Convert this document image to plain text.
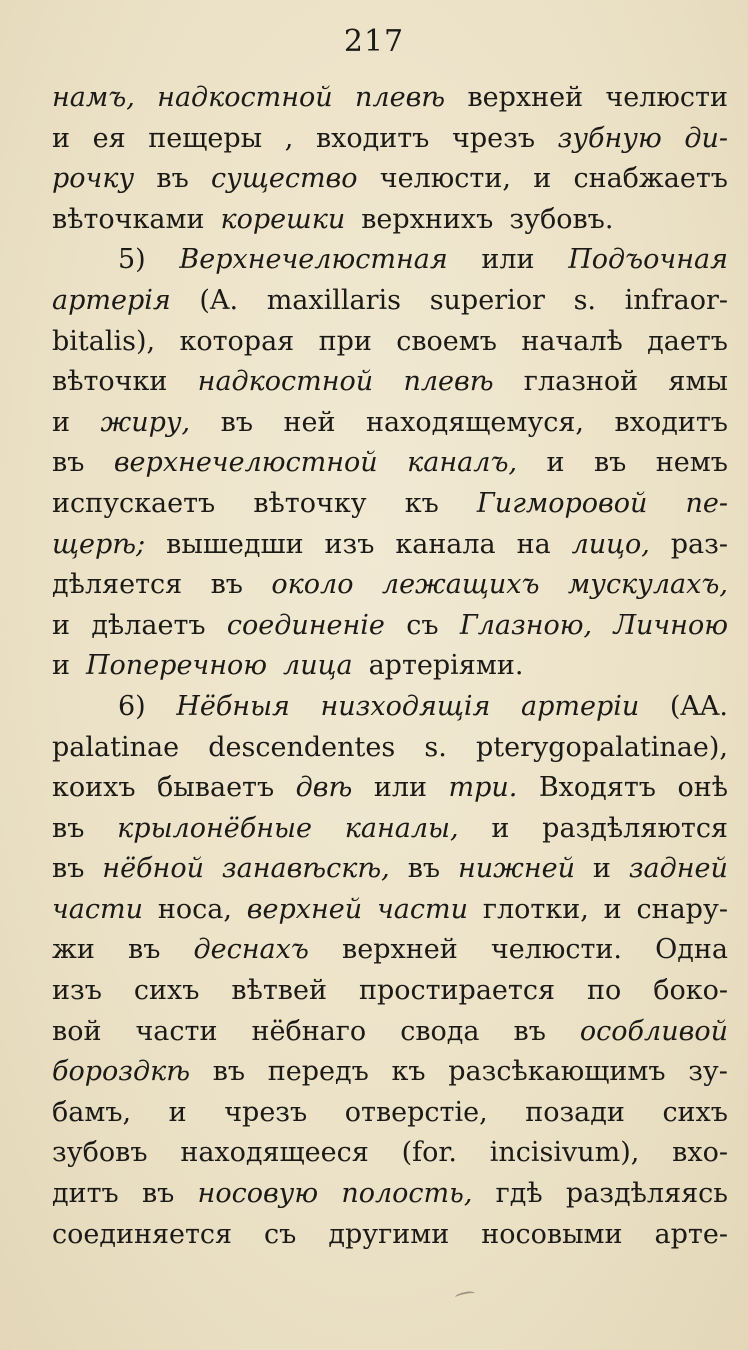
217
намъ, надкостной плевѣ верхней челюсти
и ея пещеры , входитъ чрезъ зубную ди-
рочку въ существо челюсти, и снабжаетъ
вѣточками корешки верхнихъ зубовъ.
5) Верхнечелюстная или Подъочная
артерія (A. maxillaris superior s. infraor-
bitalis), которая при своемъ началѣ даетъ
вѣточки надкостной плевѣ глазной ямы
и жиру, въ ней находящемуся, входитъ
въ верхнечелюстной каналъ, и въ немъ
испускаетъ вѣточку къ Гигморовой пе-
щерѣ; вышедши изъ канала на лицо, раз-
дѣляется въ около лежащихъ мускулахъ,
и дѣлаетъ соединеніе съ Глазною, Личною
и Поперечною лица артеріями.
6) Нёбныя низходящія артеріи (AA.
palatinae descendentes s. pterygopalatinae),
коихъ бываетъ двѣ или три. Входятъ онѣ
въ крылонёбные каналы, и раздѣляются
въ нёбной занавѣскѣ, въ нижней и задней
части носа, верхней части глотки, и снару-
жи въ деснахъ верхней челюсти. Одна
изъ сихъ вѣтвей простирается по боко-
вой части нёбнаго свода въ особливой
бороздкѣ въ передъ къ разсѣкающимъ зу-
бамъ, и чрезъ отверстіе, позади сихъ
зубовъ находящееся (for. incisivum), вхо-
дитъ въ носовую полость, гдѣ раздѣляясь
соединяется съ другими носовыми арте-
